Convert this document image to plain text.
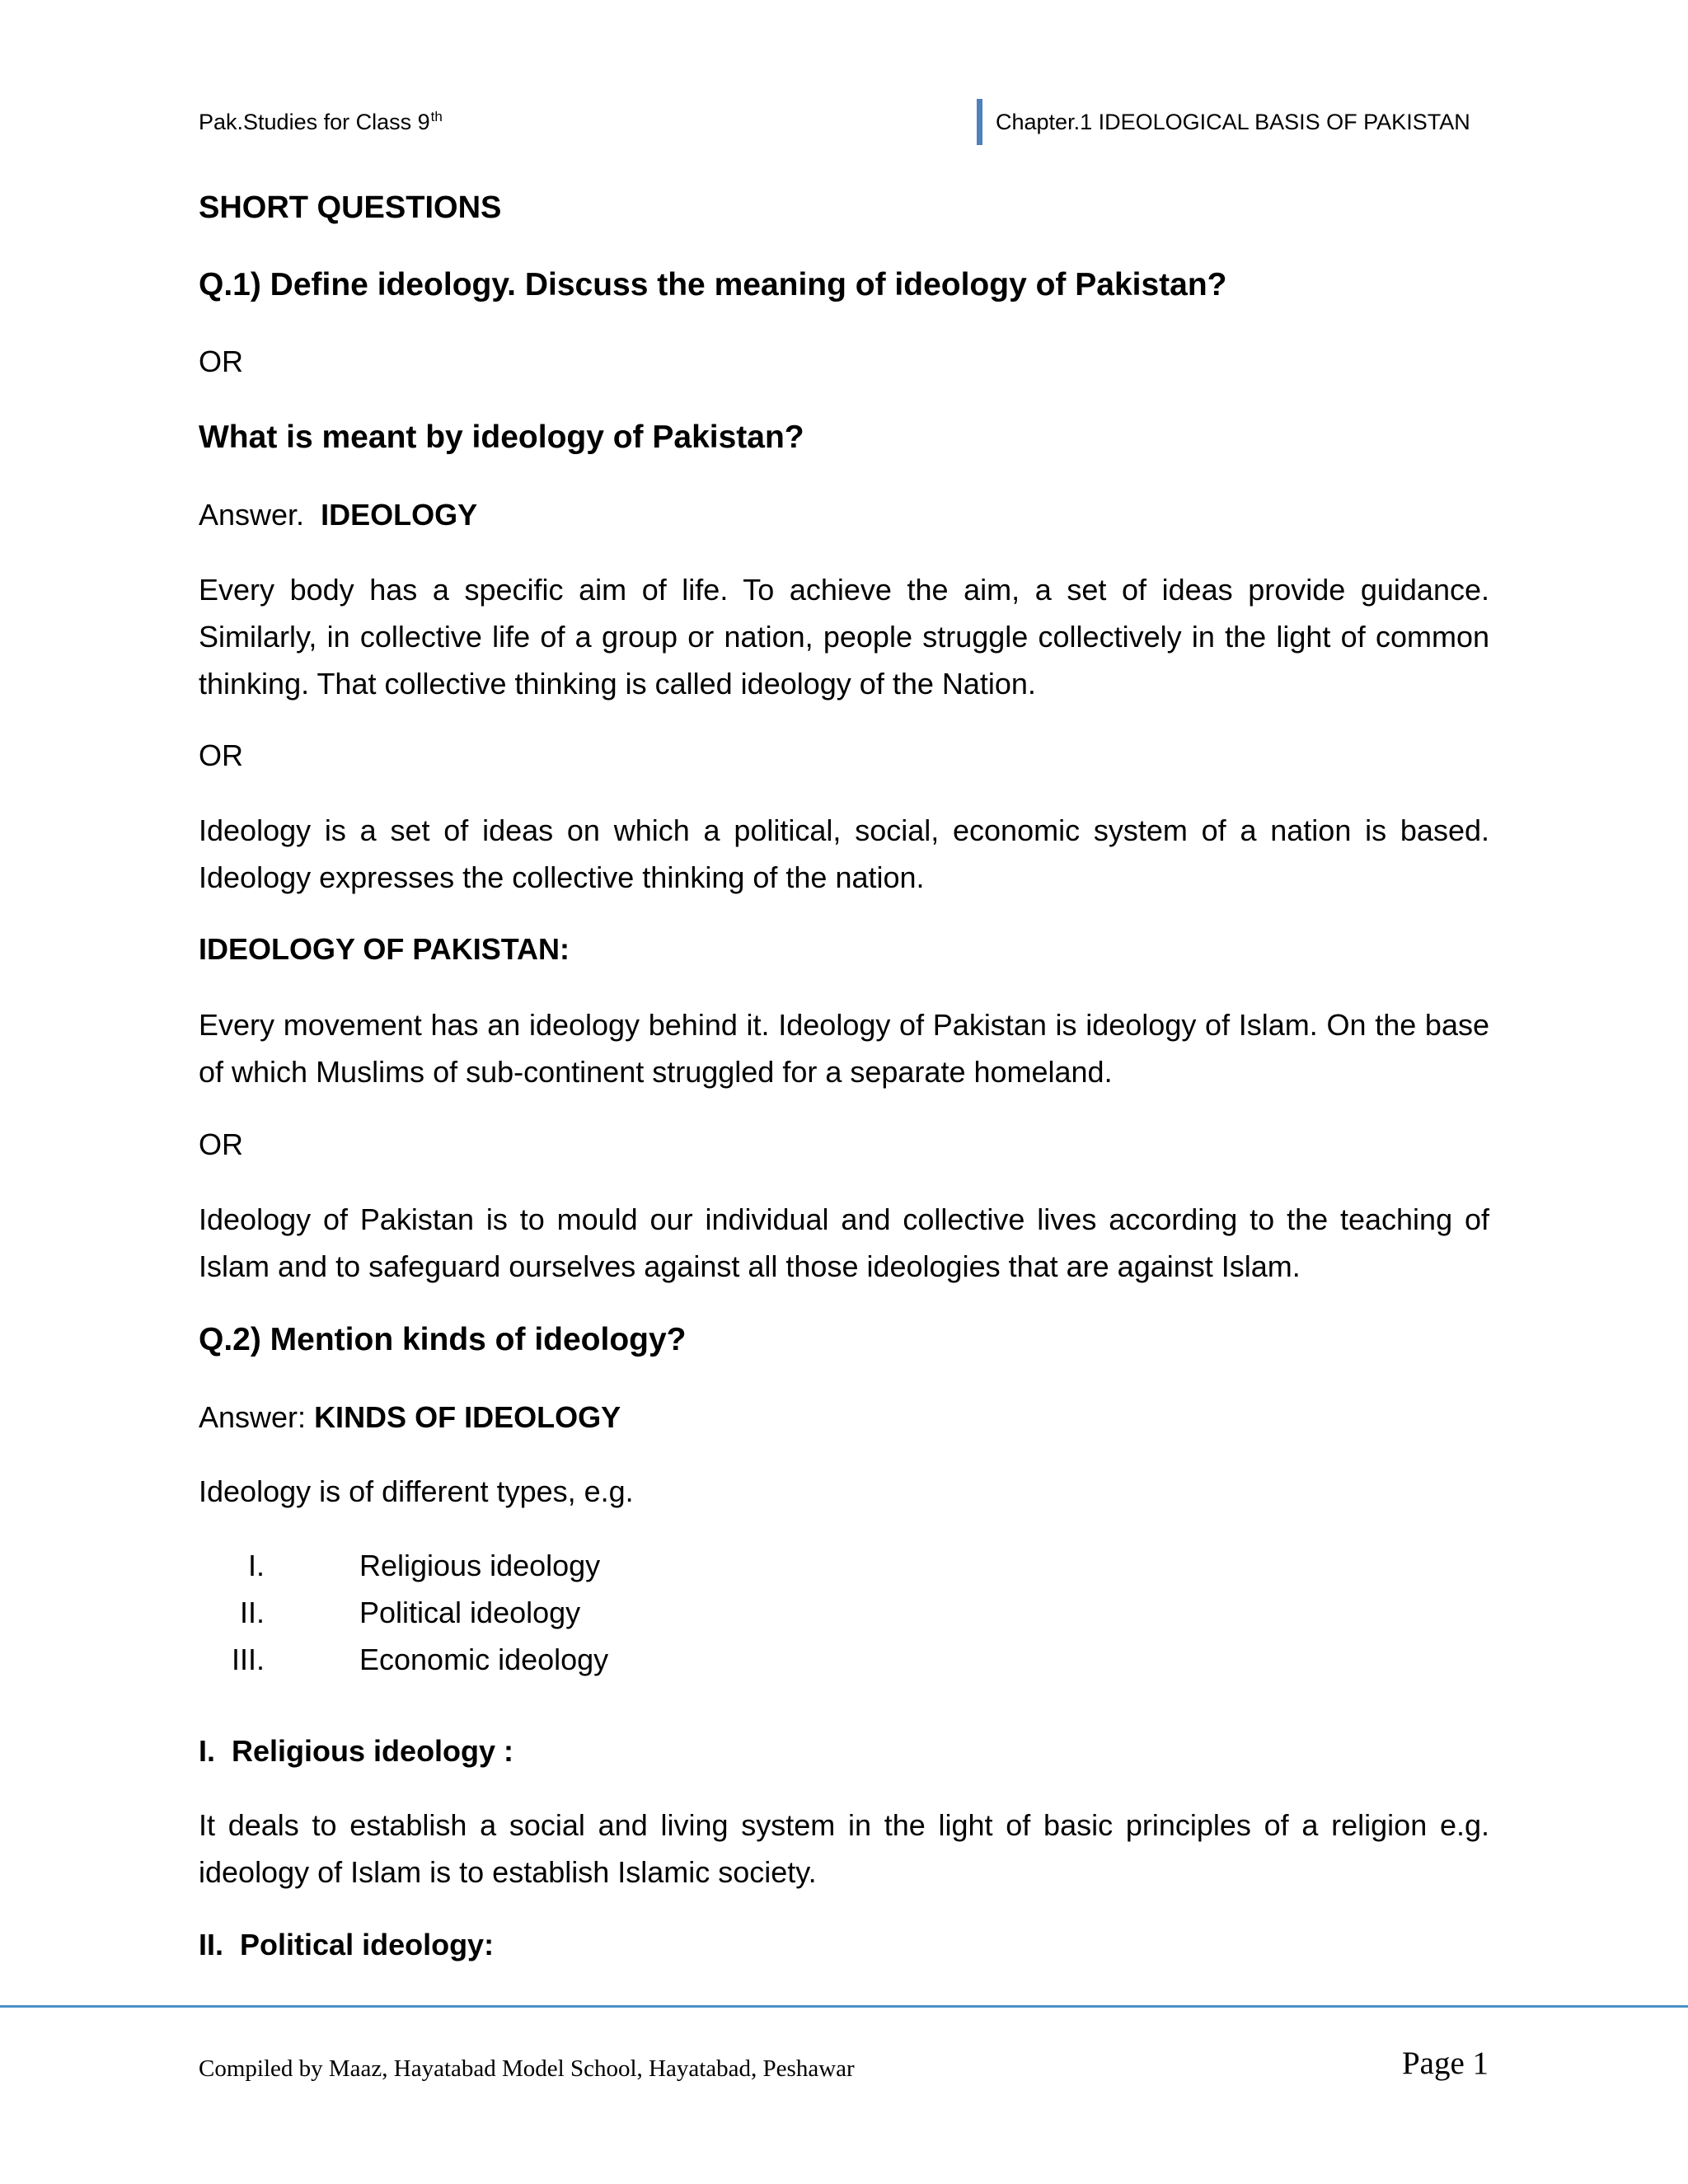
Pak.Studies for Class 9th	Chapter.1 IDEOLOGICAL BASIS OF PAKISTAN
SHORT QUESTIONS
Q.1) Define ideology. Discuss the meaning of ideology of Pakistan?
OR
What is meant by ideology of Pakistan?
Answer. IDEOLOGY
Every body has a specific aim of life. To achieve the aim, a set of ideas provide guidance. Similarly, in collective life of a group or nation, people struggle collectively in the light of common thinking. That collective thinking is called ideology of the Nation.
OR
Ideology is a set of ideas on which a political, social, economic system of a nation is based. Ideology expresses the collective thinking of the nation.
IDEOLOGY OF PAKISTAN:
Every movement has an ideology behind it. Ideology of Pakistan is ideology of Islam. On the base of which Muslims of sub-continent struggled for a separate homeland.
OR
Ideology of Pakistan is to mould our individual and collective lives according to the teaching of Islam and to safeguard ourselves against all those ideologies that are against Islam.
Q.2) Mention kinds of ideology?
Answer: KINDS OF IDEOLOGY
Ideology is of different types, e.g.
I.	Religious ideology
II.	Political ideology
III.	Economic ideology
I. Religious ideology :
It deals to establish a social and living system in the light of basic principles of a religion e.g. ideology of Islam is to establish Islamic society.
II. Political ideology:
Compiled by Maaz, Hayatabad Model School, Hayatabad, Peshawar	Page 1
